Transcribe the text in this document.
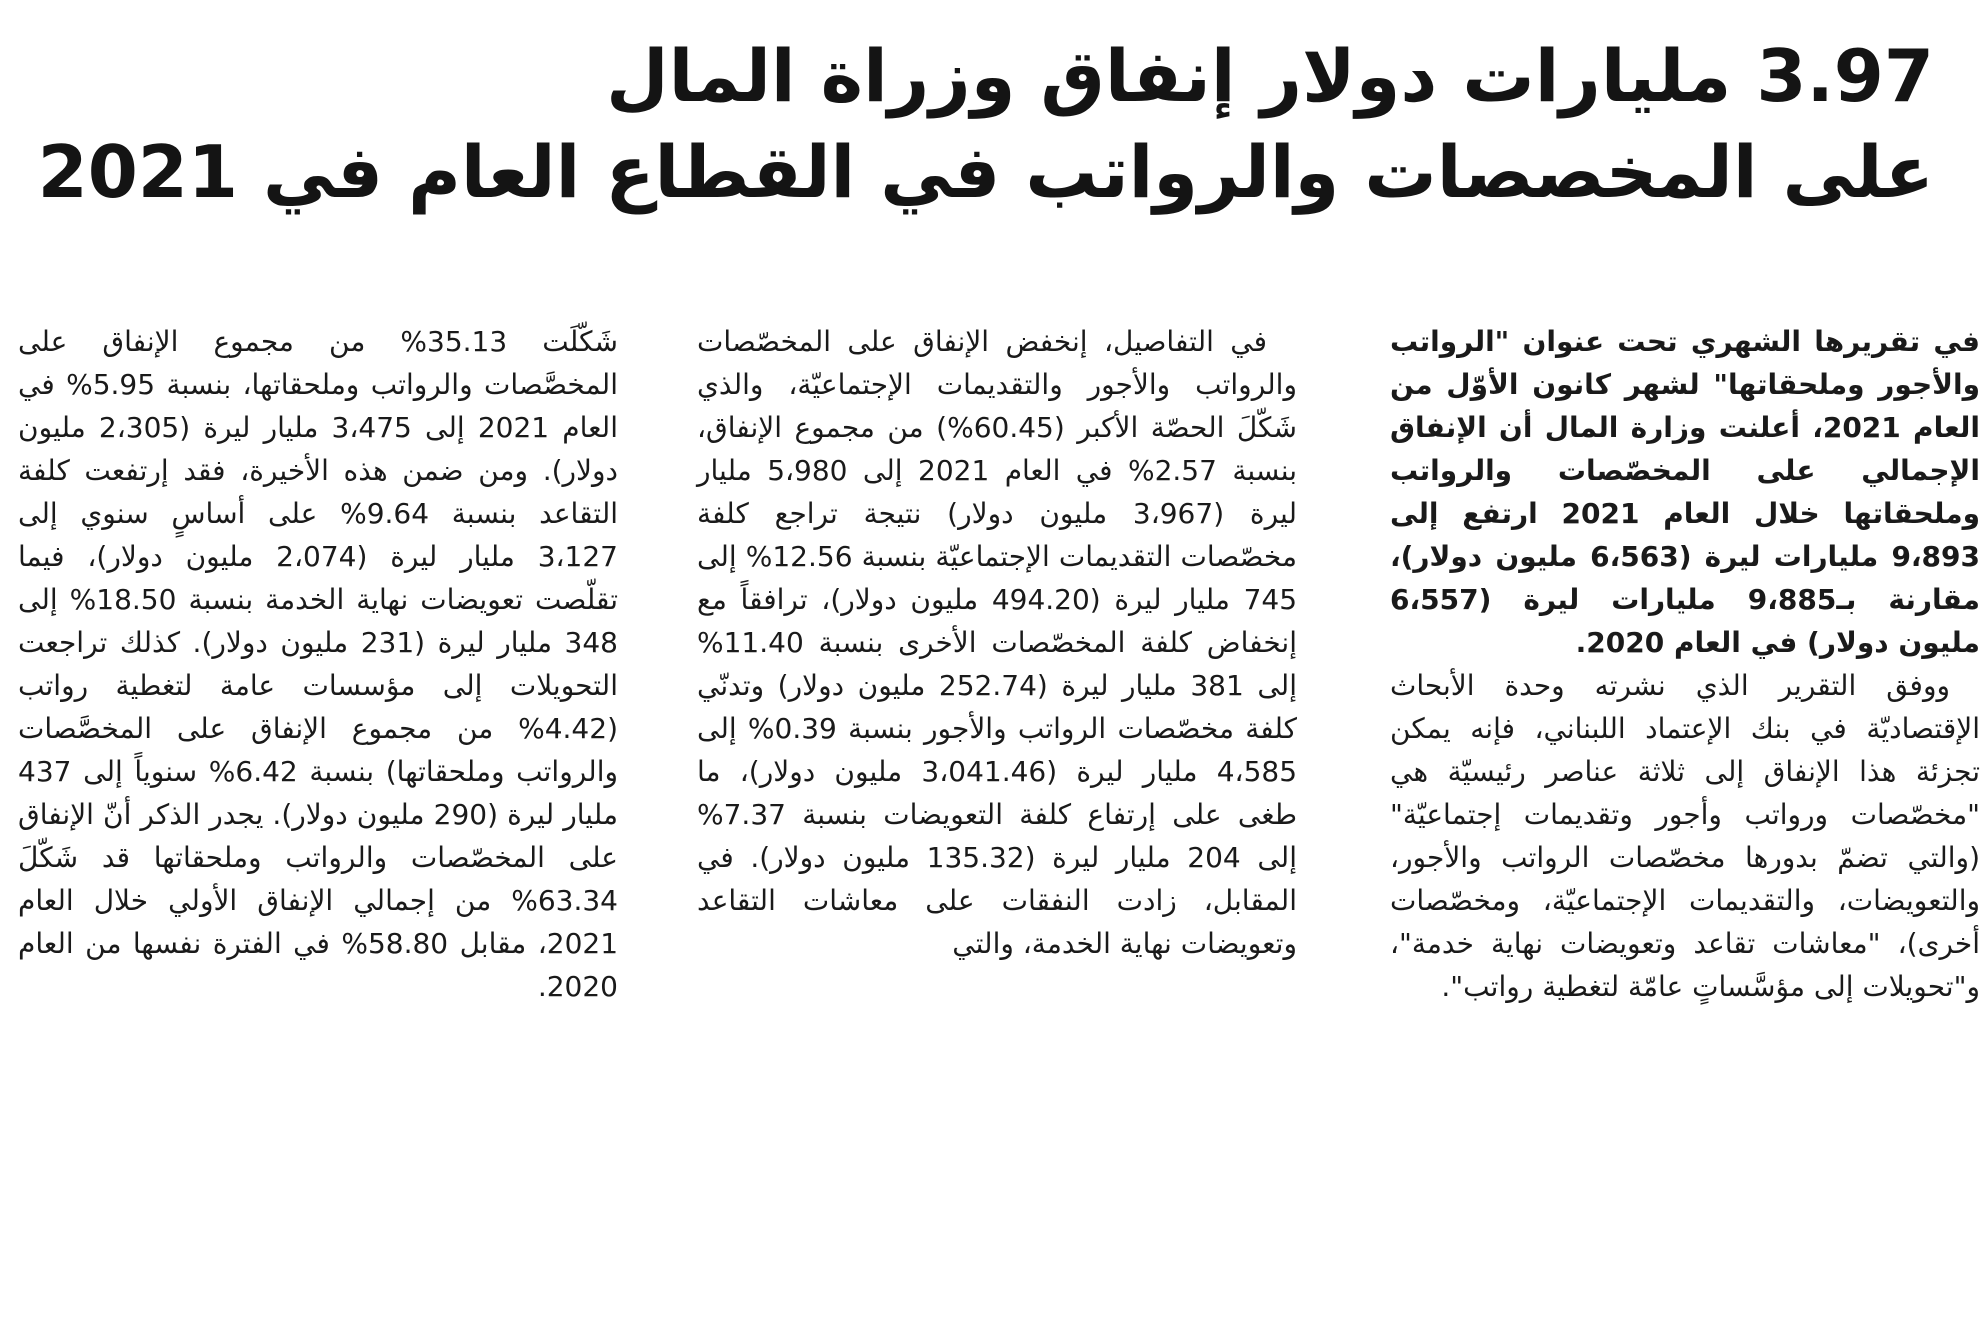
3.97 مليارات دولار إنفاق وزراة المال
على المخصصات والرواتب في القطاع العام في 2021

في تقريرها الشهري تحت عنوان "الرواتب والأجور وملحقاتها" لشهر كانون الأوّل من العام 2021، أعلنت وزارة المال أن الإنفاق الإجمالي على المخصّصات والرواتب وملحقاتها خلال العام 2021 ارتفع إلى 9،893 مليارات ليرة (6،563 مليون دولار)، مقارنة بـ9،885 مليارات ليرة (6،557 مليون دولار) في العام 2020.

ووفق التقرير الذي نشرته وحدة الأبحاث الإقتصاديّة في بنك الإعتماد اللبناني، فإنه يمكن تجزئة هذا الإنفاق إلى ثلاثة عناصر رئيسيّة هي "مخصّصات ورواتب وأجور وتقديمات إجتماعيّة" (والتي تضمّ بدورها مخصّصات الرواتب والأجور، والتعويضات، والتقديمات الإجتماعيّة، ومخصّصات أخرى)، "معاشات تقاعد وتعويضات نهاية خدمة"، و"تحويلات إلى مؤسَّساتٍ عامّة لتغطية رواتب".

في التفاصيل، إنخفض الإنفاق على المخصّصات والرواتب والأجور والتقديمات الإجتماعيّة، والذي شَكّلَ الحصّة الأكبر (60.45%) من مجموع الإنفاق، بنسبة 2.57% في العام 2021 إلى 5،980 مليار ليرة (3،967 مليون دولار) نتيجة تراجع كلفة مخصّصات التقديمات الإجتماعيّة بنسبة 12.56% إلى 745 مليار ليرة (494.20 مليون دولار)، ترافقاً مع إنخفاض كلفة المخصّصات الأخرى بنسبة 11.40% إلى 381 مليار ليرة (252.74 مليون دولار) وتدنّي كلفة مخصّصات الرواتب والأجور بنسبة 0.39% إلى 4،585 مليار ليرة (3،041.46 مليون دولار)، ما طغى على إرتفاع كلفة التعويضات بنسبة 7.37% إلى 204 مليار ليرة (135.32 مليون دولار). في المقابل، زادت النفقات على معاشات التقاعد وتعويضات نهاية الخدمة، والتي

شَكّلَت 35.13% من مجموع الإنفاق على المخصَّصات والرواتب وملحقاتها، بنسبة 5.95% في العام 2021 إلى 3،475 مليار ليرة (2،305 مليون دولار). ومن ضمن هذه الأخيرة، فقد إرتفعت كلفة التقاعد بنسبة 9.64% على أساسٍ سنوي إلى 3،127 مليار ليرة (2،074 مليون دولار)، فيما تقلّصت تعويضات نهاية الخدمة بنسبة 18.50% إلى 348 مليار ليرة (231 مليون دولار). كذلك تراجعت التحويلات إلى مؤسسات عامة لتغطية رواتب (4.42% من مجموع الإنفاق على المخصَّصات والرواتب وملحقاتها) بنسبة 6.42% سنوياً إلى 437 مليار ليرة (290 مليون دولار). يجدر الذكر أنّ الإنفاق على المخصّصات والرواتب وملحقاتها قد شَكّلَ 63.34% من إجمالي الإنفاق الأولي خلال العام 2021، مقابل 58.80% في الفترة نفسها من العام 2020.
